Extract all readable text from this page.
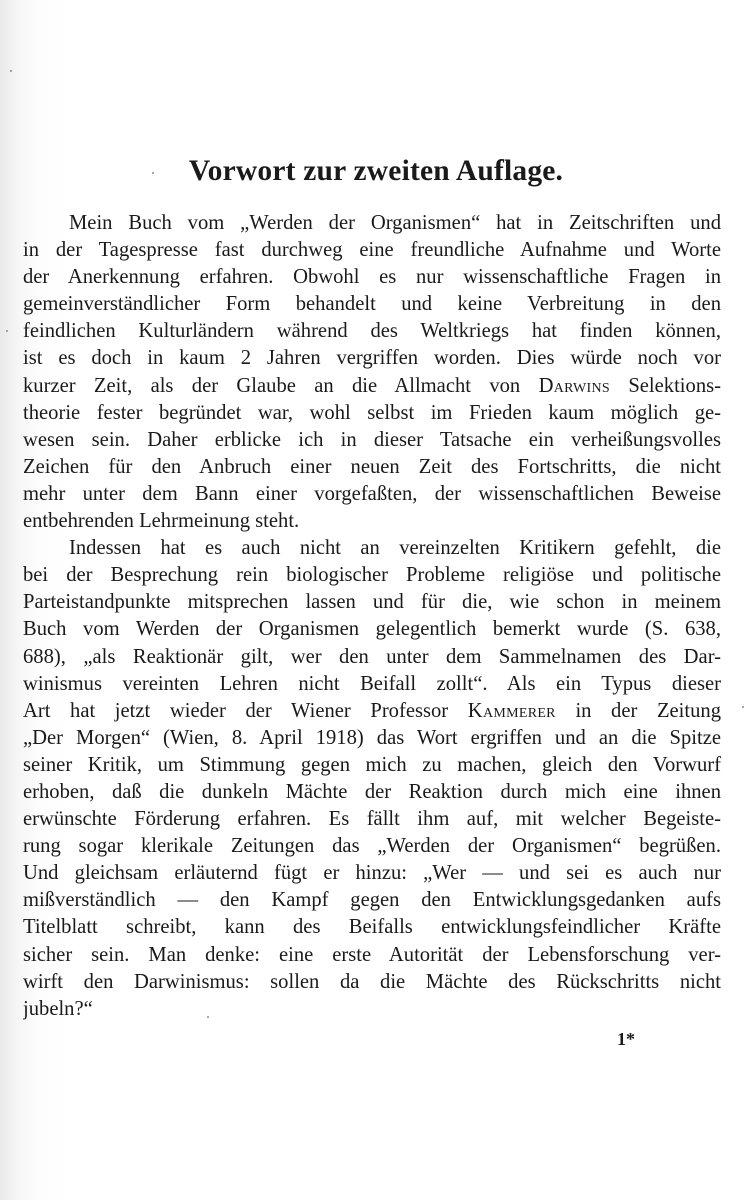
Vorwort zur zweiten Auflage.
Mein Buch vom „Werden der Organismen“ hat in Zeitschriften und
in der Tagespresse fast durchweg eine freundliche Aufnahme und Worte
der Anerkennung erfahren. Obwohl es nur wissenschaftliche Fragen in
gemeinverständlicher Form behandelt und keine Verbreitung in den
feindlichen Kulturländern während des Weltkriegs hat finden können,
ist es doch in kaum 2 Jahren vergriffen worden. Dies würde noch vor
kurzer Zeit, als der Glaube an die Allmacht von Darwins Selektions-
theorie fester begründet war, wohl selbst im Frieden kaum möglich ge-
wesen sein. Daher erblicke ich in dieser Tatsache ein verheißungsvolles
Zeichen für den Anbruch einer neuen Zeit des Fortschritts, die nicht
mehr unter dem Bann einer vorgefaßten, der wissenschaftlichen Beweise
entbehrenden Lehrmeinung steht.
Indessen hat es auch nicht an vereinzelten Kritikern gefehlt, die
bei der Besprechung rein biologischer Probleme religiöse und politische
Parteistandpunkte mitsprechen lassen und für die, wie schon in meinem
Buch vom Werden der Organismen gelegentlich bemerkt wurde (S. 638,
688), „als Reaktionär gilt, wer den unter dem Sammelnamen des Dar-
winismus vereinten Lehren nicht Beifall zollt“. Als ein Typus dieser
Art hat jetzt wieder der Wiener Professor Kammerer in der Zeitung
„Der Morgen“ (Wien, 8. April 1918) das Wort ergriffen und an die Spitze
seiner Kritik, um Stimmung gegen mich zu machen, gleich den Vorwurf
erhoben, daß die dunkeln Mächte der Reaktion durch mich eine ihnen
erwünschte Förderung erfahren. Es fällt ihm auf, mit welcher Begeiste-
rung sogar klerikale Zeitungen das „Werden der Organismen“ begrüßen.
Und gleichsam erläuternd fügt er hinzu: „Wer — und sei es auch nur
mißverständlich — den Kampf gegen den Entwicklungsgedanken aufs
Titelblatt schreibt, kann des Beifalls entwicklungsfeindlicher Kräfte
sicher sein. Man denke: eine erste Autorität der Lebensforschung ver-
wirft den Darwinismus: sollen da die Mächte des Rückschritts nicht
jubeln?“
1*
